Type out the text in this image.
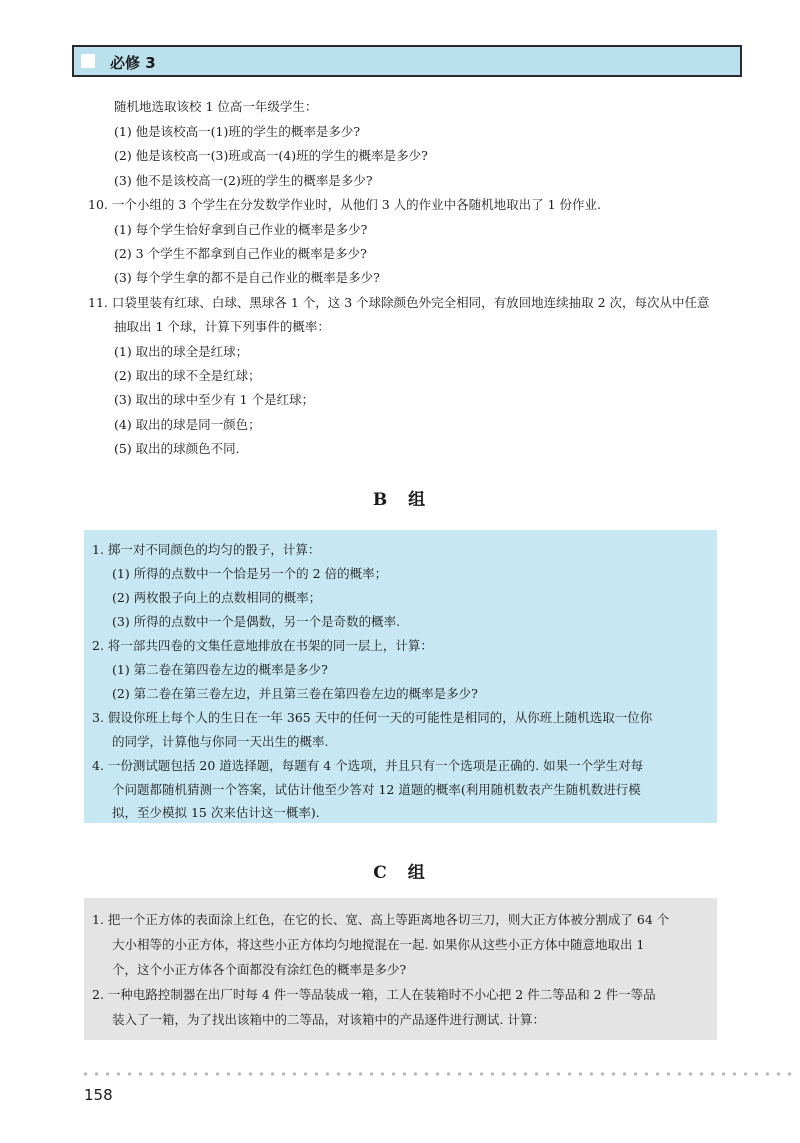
必修 3
随机地选取该校 1 位高一年级学生：
(1) 他是该校高一(1)班的学生的概率是多少?
(2) 他是该校高一(3)班或高一(4)班的学生的概率是多少?
(3) 他不是该校高一(2)班的学生的概率是多少?
10. 一个小组的 3 个学生在分发数学作业时，从他们 3 人的作业中各随机地取出了 1 份作业.
(1) 每个学生恰好拿到自己作业的概率是多少?
(2) 3 个学生不都拿到自己作业的概率是多少?
(3) 每个学生拿的都不是自己作业的概率是多少?
11. 口袋里装有红球、白球、黑球各 1 个，这 3 个球除颜色外完全相同，有放回地连续抽取 2 次，每次从中任意
抽取出 1 个球，计算下列事件的概率：
(1) 取出的球全是红球；
(2) 取出的球不全是红球；
(3) 取出的球中至少有 1 个是红球；
(4) 取出的球是同一颜色；
(5) 取出的球颜色不同.
B　组
1. 掷一对不同颜色的均匀的骰子，计算：
(1) 所得的点数中一个恰是另一个的 2 倍的概率；
(2) 两枚骰子向上的点数相同的概率；
(3) 所得的点数中一个是偶数，另一个是奇数的概率.
2. 将一部共四卷的文集任意地排放在书架的同一层上，计算：
(1) 第二卷在第四卷左边的概率是多少?
(2) 第二卷在第三卷左边，并且第三卷在第四卷左边的概率是多少?
3. 假设你班上每个人的生日在一年 365 天中的任何一天的可能性是相同的，从你班上随机选取一位你
的同学，计算他与你同一天出生的概率.
4. 一份测试题包括 20 道选择题，每题有 4 个选项，并且只有一个选项是正确的. 如果一个学生对每
个问题都随机猜测一个答案，试估计他至少答对 12 道题的概率(利用随机数表产生随机数进行模
拟，至少模拟 15 次来估计这一概率).
C　组
1. 把一个正方体的表面涂上红色，在它的长、宽、高上等距离地各切三刀，则大正方体被分割成了 64 个
大小相等的小正方体，将这些小正方体均匀地搅混在一起. 如果你从这些小正方体中随意地取出 1
个，这个小正方体各个面都没有涂红色的概率是多少?
2. 一种电路控制器在出厂时每 4 件一等品装成一箱，工人在装箱时不小心把 2 件二等品和 2 件一等品
装入了一箱，为了找出该箱中的二等品，对该箱中的产品逐件进行测试. 计算：
158
